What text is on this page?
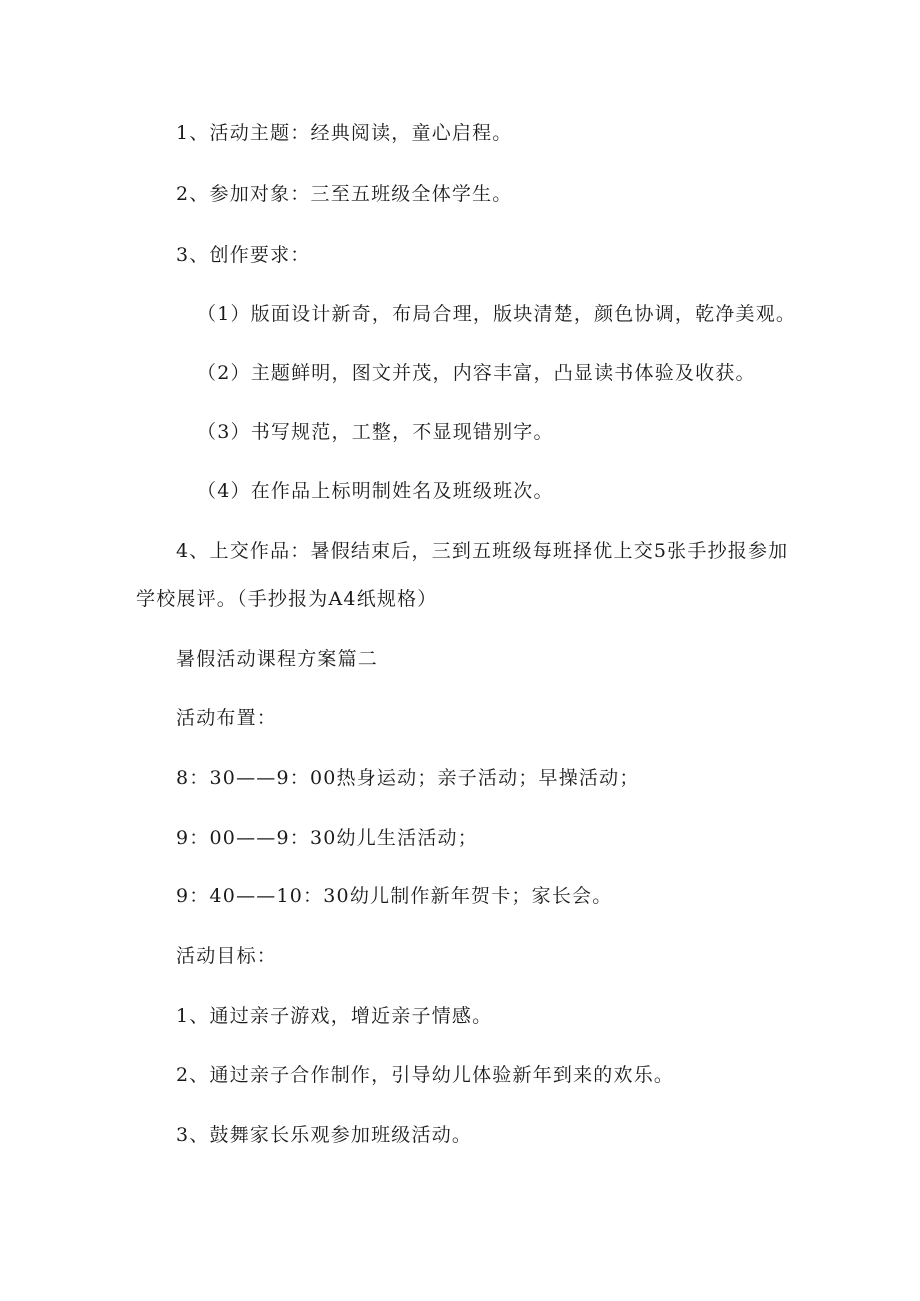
1、活动主题：经典阅读，童心启程。
2、参加对象：三至五班级全体学生。
3、创作要求：
（1）版面设计新奇，布局合理，版块清楚，颜色协调，乾净美观。
（2）主题鲜明，图文并茂，内容丰富，凸显读书体验及收获。
（3）书写规范，工整，不显现错别字。
（4）在作品上标明制姓名及班级班次。
4、上交作品：暑假结束后，三到五班级每班择优上交5张手抄报参加
学校展评。（手抄报为A4纸规格）
暑假活动课程方案篇二
活动布置：
8：30——9：00热身运动；亲子活动；早操活动；
9：00——9：30幼儿生活活动；
9：40——10：30幼儿制作新年贺卡；家长会。
活动目标：
1、通过亲子游戏，增近亲子情感。
2、通过亲子合作制作，引导幼儿体验新年到来的欢乐。
3、鼓舞家长乐观参加班级活动。
